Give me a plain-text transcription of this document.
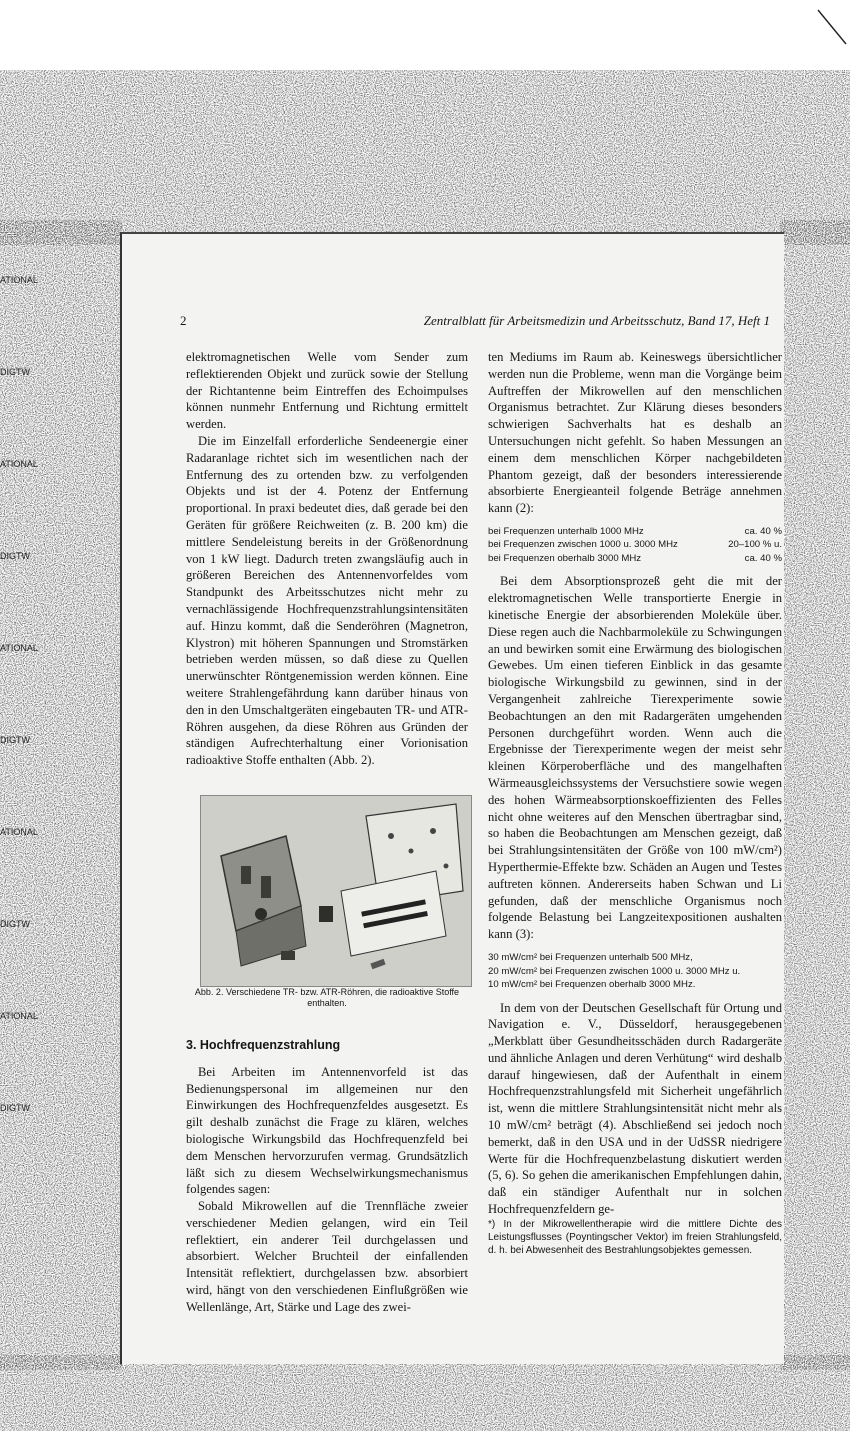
ATIONAL
DIGTW
ATIONAL
DIGTW
ATIONAL
DIGTW
ATIONAL
DIGTW
ATIONAL
DIGTW
2	Zentralblatt für Arbeitsmedizin und Arbeitsschutz, Band 17, Heft 1

elektromagnetischen Welle vom Sender zum reflektierenden Objekt und zurück sowie der Stellung der Richtantenne beim Eintreffen des Echoimpulses können nunmehr Entfernung und Richtung ermittelt werden.

Die im Einzelfall erforderliche Sendeenergie einer Radaranlage richtet sich im wesentlichen nach der Entfernung des zu ortenden bzw. zu verfolgenden Objekts und ist der 4. Potenz der Entfernung proportional. In praxi bedeutet dies, daß gerade bei den Geräten für größere Reichweiten (z. B. 200 km) die mittlere Sendeleistung bereits in der Größenordnung von 1 kW liegt. Dadurch treten zwangsläufig auch in größeren Bereichen des Antennenvorfeldes vom Standpunkt des Arbeitsschutzes nicht mehr zu vernachlässigende Hochfrequenzstrahlungsintensitäten auf. Hinzu kommt, daß die Senderöhren (Magnetron, Klystron) mit höheren Spannungen und Stromstärken betrieben werden müssen, so daß diese zu Quellen unerwünschter Röntgenemission werden können. Eine weitere Strahlengefährdung kann darüber hinaus von den in den Umschaltgeräten eingebauten TR- und ATR-Röhren ausgehen, da diese Röhren aus Gründen der ständigen Aufrechterhaltung einer Vorionisation radioaktive Stoffe enthalten (Abb. 2).

Abb. 2. Verschiedene TR- bzw. ATR-Röhren, die radioaktive Stoffe enthalten.

3. Hochfrequenzstrahlung

Bei Arbeiten im Antennenvorfeld ist das Bedienungspersonal im allgemeinen nur den Einwirkungen des Hochfrequenzfeldes ausgesetzt. Es gilt deshalb zunächst die Frage zu klären, welches biologische Wirkungsbild das Hochfrequenzfeld bei dem Menschen hervorzurufen vermag. Grundsätzlich läßt sich zu diesem Wechselwirkungsmechanismus folgendes sagen:

Sobald Mikrowellen auf die Trennfläche zweier verschiedener Medien gelangen, wird ein Teil reflektiert, ein anderer Teil durchgelassen und absorbiert. Welcher Bruchteil der einfallenden Intensität reflektiert, durchgelassen bzw. absorbiert wird, hängt von den verschiedenen Einflußgrößen wie Wellenlänge, Art, Stärke und Lage des zwei-

ten Mediums im Raum ab. Keineswegs übersichtlicher werden nun die Probleme, wenn man die Vorgänge beim Auftreffen der Mikrowellen auf den menschlichen Organismus betrachtet. Zur Klärung dieses besonders schwierigen Sachverhalts hat es deshalb an Untersuchungen nicht gefehlt. So haben Messungen an einem dem menschlichen Körper nachgebildeten Phantom gezeigt, daß der besonders interessierende absorbierte Energieanteil folgende Beträge annehmen kann (2):

bei Frequenzen unterhalb 1000 MHz	ca. 40 %
bei Frequenzen zwischen 1000 u. 3000 MHz	20–100 % u.
bei Frequenzen oberhalb 3000 MHz	ca. 40 %

Bei dem Absorptionsprozeß geht die mit der elektromagnetischen Welle transportierte Energie in kinetische Energie der absorbierenden Moleküle über. Diese regen auch die Nachbarmoleküle zu Schwingungen an und bewirken somit eine Erwärmung des biologischen Gewebes. Um einen tieferen Einblick in das gesamte biologische Wirkungsbild zu gewinnen, sind in der Vergangenheit zahlreiche Tierexperimente sowie Beobachtungen an den mit Radargeräten umgehenden Personen durchgeführt worden. Wenn auch die Ergebnisse der Tierexperimente wegen der meist sehr kleinen Körperoberfläche und des mangelhaften Wärmeausgleichssystems der Versuchstiere sowie wegen des hohen Wärmeabsorptionskoeffizienten des Felles nicht ohne weiteres auf den Menschen übertragbar sind, so haben die Beobachtungen am Menschen gezeigt, daß bei Strahlungsintensitäten der Größe von 100 mW/cm²) Hyperthermie-Effekte bzw. Schäden an Augen und Testes auftreten können. Andererseits haben Schwan und Li gefunden, daß der menschliche Organismus noch folgende Belastung bei Langzeitexpositionen aushalten kann (3):

30 mW/cm² bei Frequenzen unterhalb 500 MHz,
20 mW/cm² bei Frequenzen zwischen 1000 u. 3000 MHz u.
10 mW/cm² bei Frequenzen oberhalb 3000 MHz.

In dem von der Deutschen Gesellschaft für Ortung und Navigation e. V., Düsseldorf, herausgegebenen „Merkblatt über Gesundheitsschäden durch Radargeräte und ähnliche Anlagen und deren Verhütung“ wird deshalb darauf hingewiesen, daß der Aufenthalt in einem Hochfrequenzstrahlungsfeld mit Sicherheit ungefährlich ist, wenn die mittlere Strahlungsintensität nicht mehr als 10 mW/cm² beträgt (4). Abschließend sei jedoch noch bemerkt, daß in den USA und in der UdSSR niedrigere Werte für die Hochfrequenzbelastung diskutiert werden (5, 6). So gehen die amerikanischen Empfehlungen dahin, daß ein ständiger Aufenthalt nur in solchen Hochfrequenzfeldern ge-

*) In der Mikrowellentherapie wird die mittlere Dichte des Leistungsflusses (Poyntingscher Vektor) im freien Strahlungsfeld, d. h. bei Abwesenheit des Bestrahlungsobjektes gemessen.
